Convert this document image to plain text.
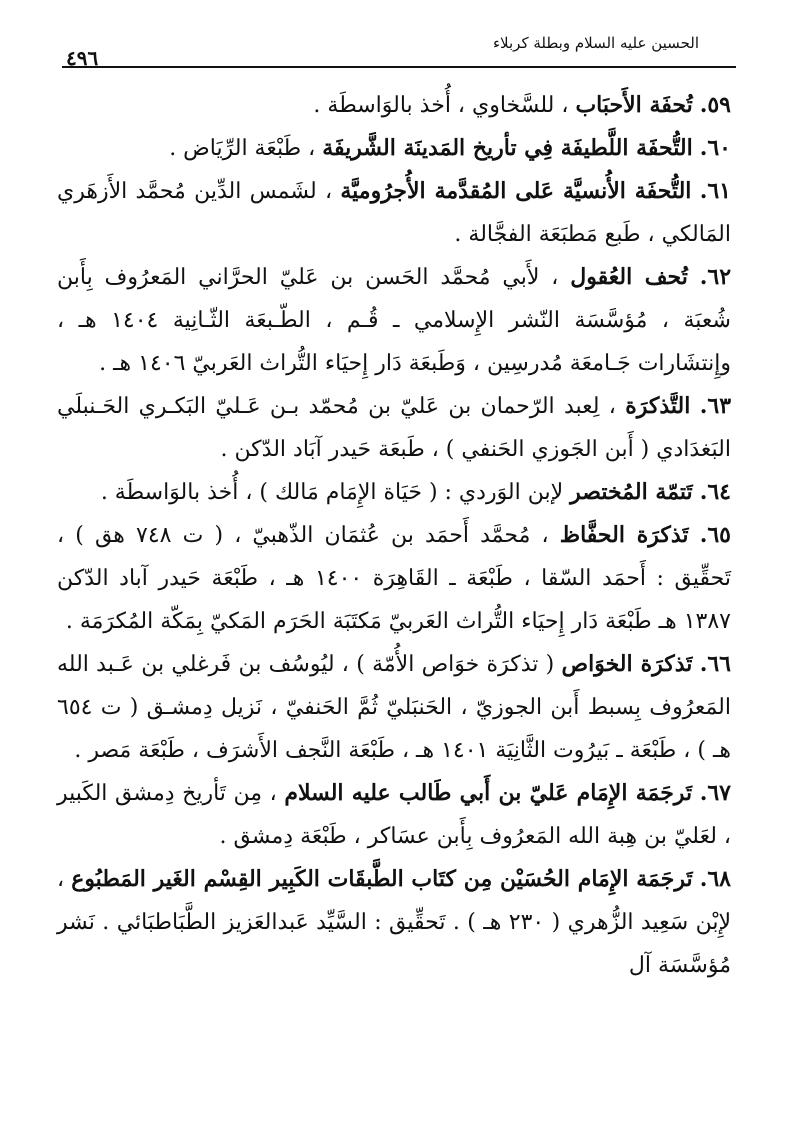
الحسين عليه السلام وبطلة كربلاء
٤٩٦

٥٩. تُحفَة الأَحبَاب ، للسَّخاوي ، أُخذ بالوَاسطَة .

٦٠. التُّحفَة اللَّطيفَة فِي تأريخ المَدينَة الشَّريفَة ، طَبْعَة الرِّيَاض .

٦١. التُّحفَة الأُنسيَّة عَلى المُقدَّمة الأُجرُوميَّة ، لشَمس الدِّين مُحمَّد الأَزهَري المَالكي ، طَبع مَطبَعَة الفجَّالة .

٦٢. تُحف العُقول ، لأَبي مُحمَّد الحَسن بن عَليّ الحرَّاني المَعرُوف بِأَبن شُعبَة ، مُؤسَّسَة النّشر الإِسلامي ـ قُـم ، الطّـبعَة الثّـانِية ١٤٠٤ هـ ، وإِنتشَارات جَـامعَة مُدرسِين ، وَطَبعَة دَار إِحيَاء التُّراث العَربيّ ١٤٠٦ هـ .

٦٣. التَّذكرَة ، لِعبد الرّحمان بن عَليّ بن مُحمّد بـن عَـليّ البَكـري الحَـنبلَي البَغدَادي ( أَبن الجَوزي الحَنفي ) ، طَبعَة حَيدر آبَاد الدّكن .

٦٤. تَتمّة المُختصر لإبن الوَردي : ( حَيَاة الإِمَام مَالك ) ، أُخذ بالوَاسطَة .

٦٥. تَذكرَة الحفَّاظ ، مُحمَّد أَحمَد بن عُثمَان الذّهبيّ ، ( ت ٧٤٨ هق ) ، تَحقِّيق : أَحمَد السّقا ، طَبْعَة ـ القَاهِرَة ١٤٠٠ هـ ، طَبْعَة حَيدر آباد الدّكن ١٣٨٧ هـ طَبْعَة دَار إِحيَاء التُّراث العَربيّ مَكتَبَة الحَرَم المَكيّ بِمَكّة المُكرَمَة .

٦٦. تَذكرَة الخوَاص ( تذكرَة خوَاص الأُمّة ) ، ليُوسُف بن فَرغلي بن عَـبد الله المَعرُوف بِسبط أَبن الجوزيّ ، الحَنبَليّ ثُمَّ الحَنفيّ ، نَزيل دِمشـق ( ت ٦٥٤ هـ ) ، طَبْعَة ـ بَيرُوت الثَّانِيَة ١٤٠١ هـ ، طَبْعَة النَّجف الأَشرَف ، طَبْعَة مَصر .

٦٧. تَرجَمَة الإِمَام عَليّ بن أَبي طَالب عليه السلام ، مِن تَأريخ دِمشق الكَبير ، لعَليّ بن هِبة الله المَعرُوف بِأَبن عسَاكر ، طَبْعَة دِمشق .

٦٨. تَرجَمَة الإِمَام الحُسَيْن مِن كتَاب الطَّبقَات الكَبِير القِسْم الغَير المَطبُوع ، لإِبْن سَعِيد الزُّهري ( ٢٣٠ هـ ) . تَحقِّيق : السَّيِّد عَبدالعَزيز الطَّبَاطبَائي . نَشر مُؤسَّسَة آل
